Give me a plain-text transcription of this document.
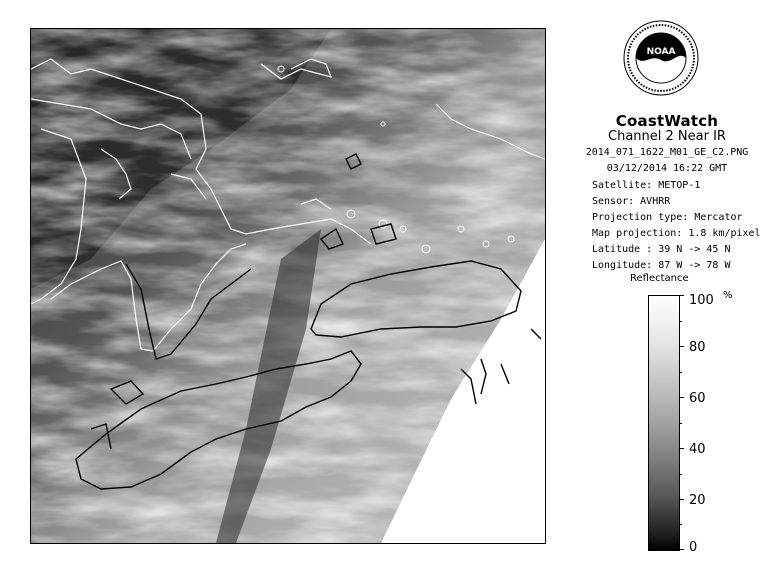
NOAA
CoastWatch
Channel 2 Near IR
2014_071_1622_M01_GE_C2.PNG
03/12/2014 16:22 GMT
Satellite: METOP-1
Sensor: AVHRR
Projection type: Mercator
Map projection: 1.8 km/pixel
Latitude : 39 N -> 45 N
Longitude: 87 W -> 78 W
Reflectance
%
100
80
60
40
20
0
